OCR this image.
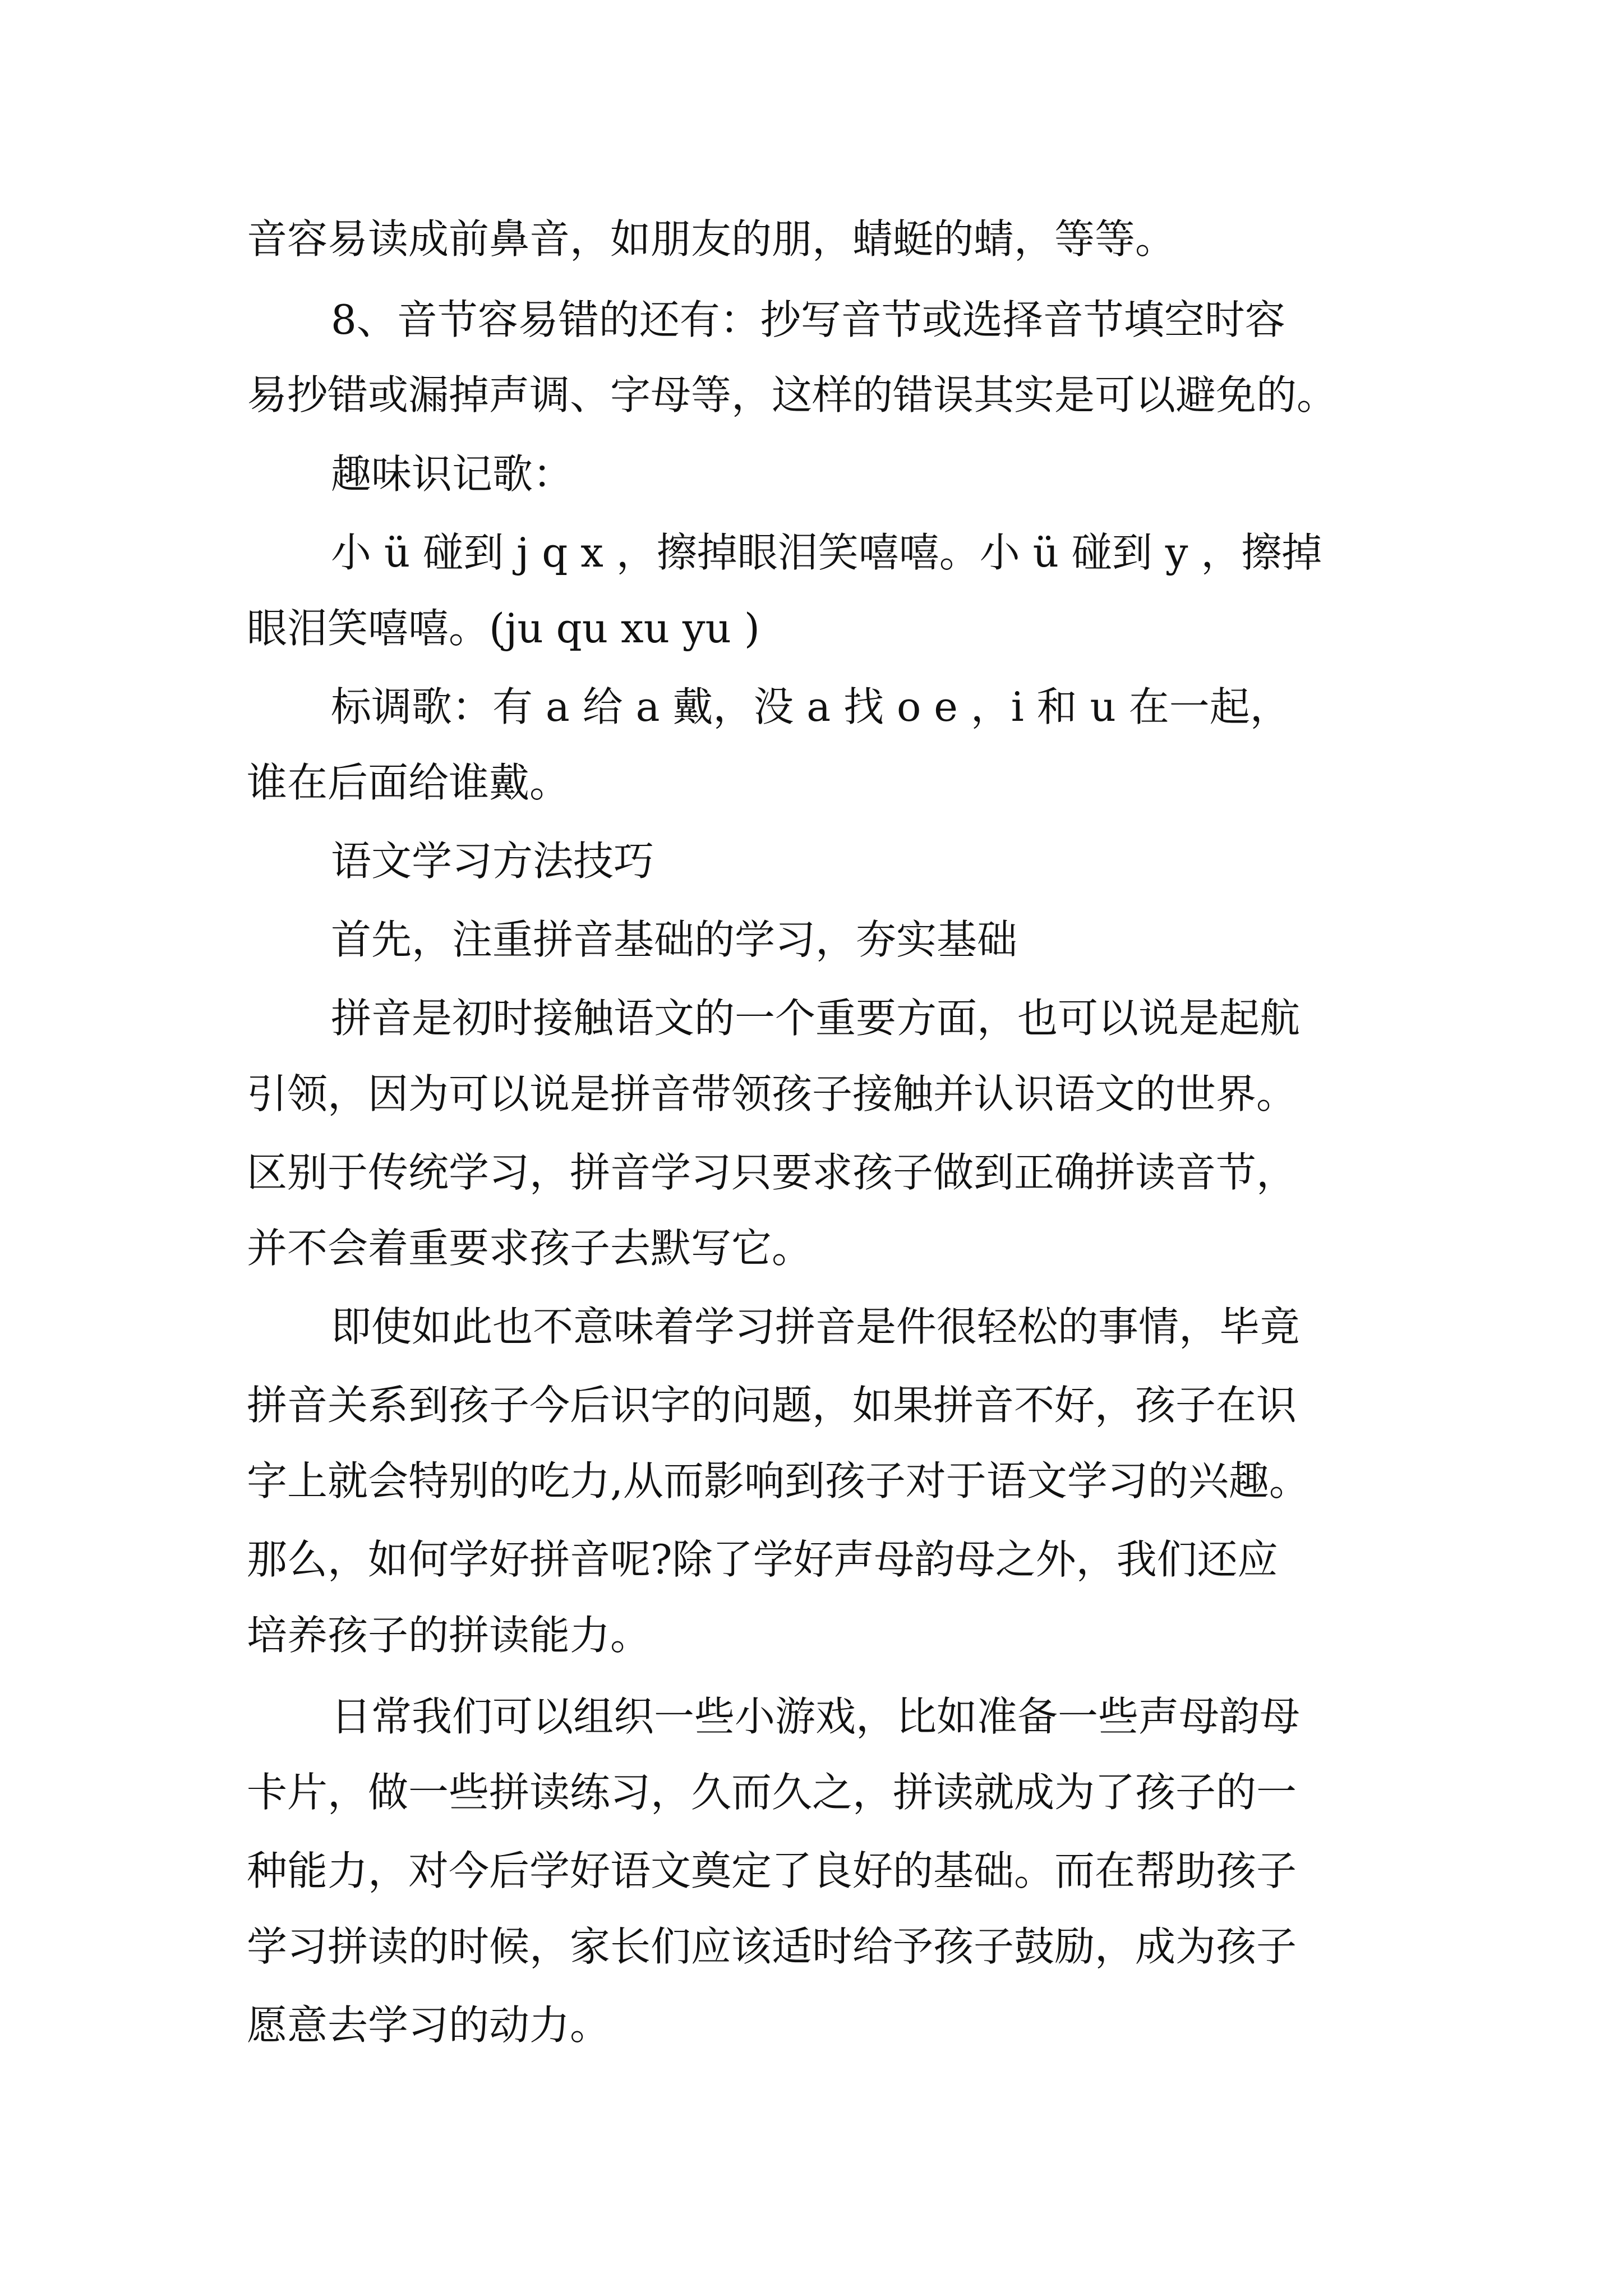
音容易读成前鼻音，如朋友的朋，蜻蜓的蜻，等等。
8、音节容易错的还有：抄写音节或选择音节填空时容
易抄错或漏掉声调、字母等，这样的错误其实是可以避免的。
趣味识记歌：
小 ü 碰到 j q x ，擦掉眼泪笑嘻嘻。小 ü 碰到 y ，擦掉
眼泪笑嘻嘻。(ju qu xu yu )
标调歌：有 a 给 a 戴，没 a 找 o e ，i 和 u 在一起，
谁在后面给谁戴。
语文学习方法技巧
首先，注重拼音基础的学习，夯实基础
拼音是初时接触语文的一个重要方面，也可以说是起航
引领，因为可以说是拼音带领孩子接触并认识语文的世界。
区别于传统学习，拼音学习只要求孩子做到正确拼读音节，
并不会着重要求孩子去默写它。
即使如此也不意味着学习拼音是件很轻松的事情，毕竟
拼音关系到孩子今后识字的问题，如果拼音不好，孩子在识
字上就会特别的吃力,从而影响到孩子对于语文学习的兴趣。
那么，如何学好拼音呢?除了学好声母韵母之外，我们还应
培养孩子的拼读能力。
日常我们可以组织一些小游戏，比如准备一些声母韵母
卡片，做一些拼读练习，久而久之，拼读就成为了孩子的一
种能力，对今后学好语文奠定了良好的基础。而在帮助孩子
学习拼读的时候，家长们应该适时给予孩子鼓励，成为孩子
愿意去学习的动力。
